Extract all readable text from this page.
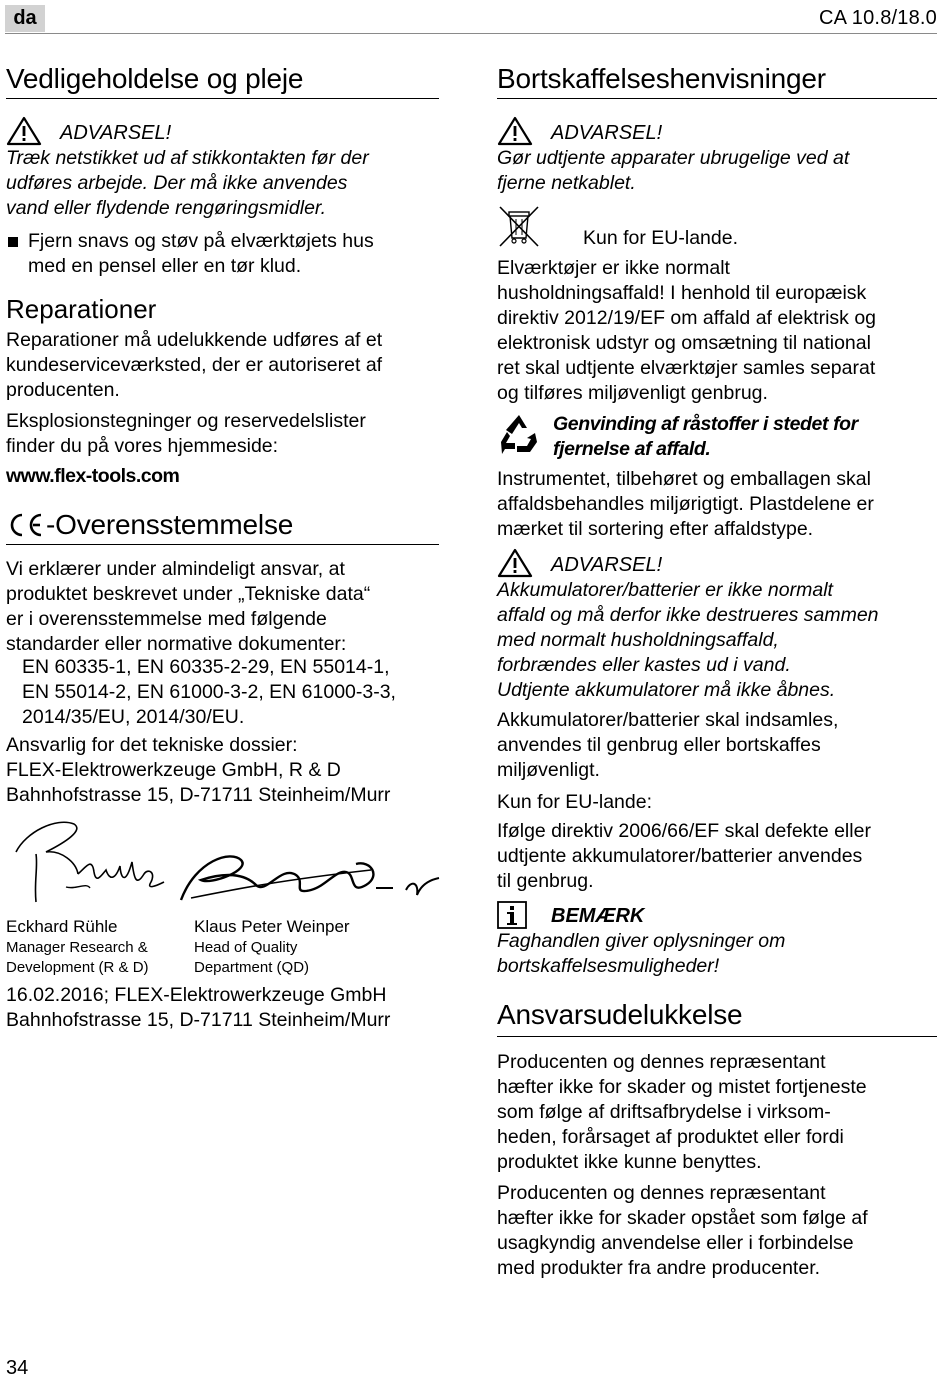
da	CA 10.8/18.0
Vedligeholdelse og pleje
ADVARSEL!
Træk netstikket ud af stikkontakten før der
udføres arbejde. Der må ikke anvendes
vand eller flydende rengøringsmidler.
Fjern snavs og støv på elværktøjets hus
med en pensel eller en tør klud.
Reparationer
Reparationer må udelukkende udføres af et
kundeserviceværksted, der er autoriseret af
producenten.
Eksplosionstegninger og reservedelslister
finder du på vores hjemmeside:
www.flex-tools.com
-Overensstemmelse
Vi erklærer under almindeligt ansvar, at
produktet beskrevet under „Tekniske data“
er i overensstemmelse med følgende
standarder eller normative dokumenter:
EN 60335-1, EN 60335-2-29, EN 55014-1,
EN 55014-2, EN 61000-3-2, EN 61000-3-3,
2014/35/EU, 2014/30/EU.
Ansvarlig for det tekniske dossier:
FLEX-Elektrowerkzeuge GmbH, R & D
Bahnhofstrasse 15, D-71711 Steinheim/Murr
Eckhard Rühle
Manager Research &
Development (R & D)
Klaus Peter Weinper
Head of Quality
Department (QD)
16.02.2016; FLEX-Elektrowerkzeuge GmbH
Bahnhofstrasse 15, D-71711 Steinheim/Murr
Bortskaffelseshenvisninger
ADVARSEL!
Gør udtjente apparater ubrugelige ved at
fjerne netkablet.
Kun for EU-lande.
Elværktøjer er ikke normalt
husholdningsaffald! I henhold til europæisk
direktiv 2012/19/EF om affald af elektrisk og
elektronisk udstyr og omsætning til national
ret skal udtjente elværktøjer samles separat
og tilføres miljøvenligt genbrug.
Genvinding af råstoffer i stedet for
fjernelse af affald.
Instrumentet, tilbehøret og emballagen skal
affaldsbehandles miljørigtigt. Plastdelene er
mærket til sortering efter affaldstype.
ADVARSEL!
Akkumulatorer/batterier er ikke normalt
affald og må derfor ikke destrueres sammen
med normalt husholdningsaffald,
forbrændes eller kastes ud i vand.
Udtjente akkumulatorer må ikke åbnes.
Akkumulatorer/batterier skal indsamles,
anvendes til genbrug eller bortskaffes
miljøvenligt.
Kun for EU-lande:
Ifølge direktiv 2006/66/EF skal defekte eller
udtjente akkumulatorer/batterier anvendes
til genbrug.
BEMÆRK
Faghandlen giver oplysninger om
bortskaffelsesmuligheder!
Ansvarsudelukkelse
Producenten og dennes repræsentant
hæfter ikke for skader og mistet fortjeneste
som følge af driftsafbrydelse i virksom-
heden, forårsaget af produktet eller fordi
produktet ikke kunne benyttes.
Producenten og dennes repræsentant
hæfter ikke for skader opstået som følge af
usagkyndig anvendelse eller i forbindelse
med produkter fra andre producenter.
34
